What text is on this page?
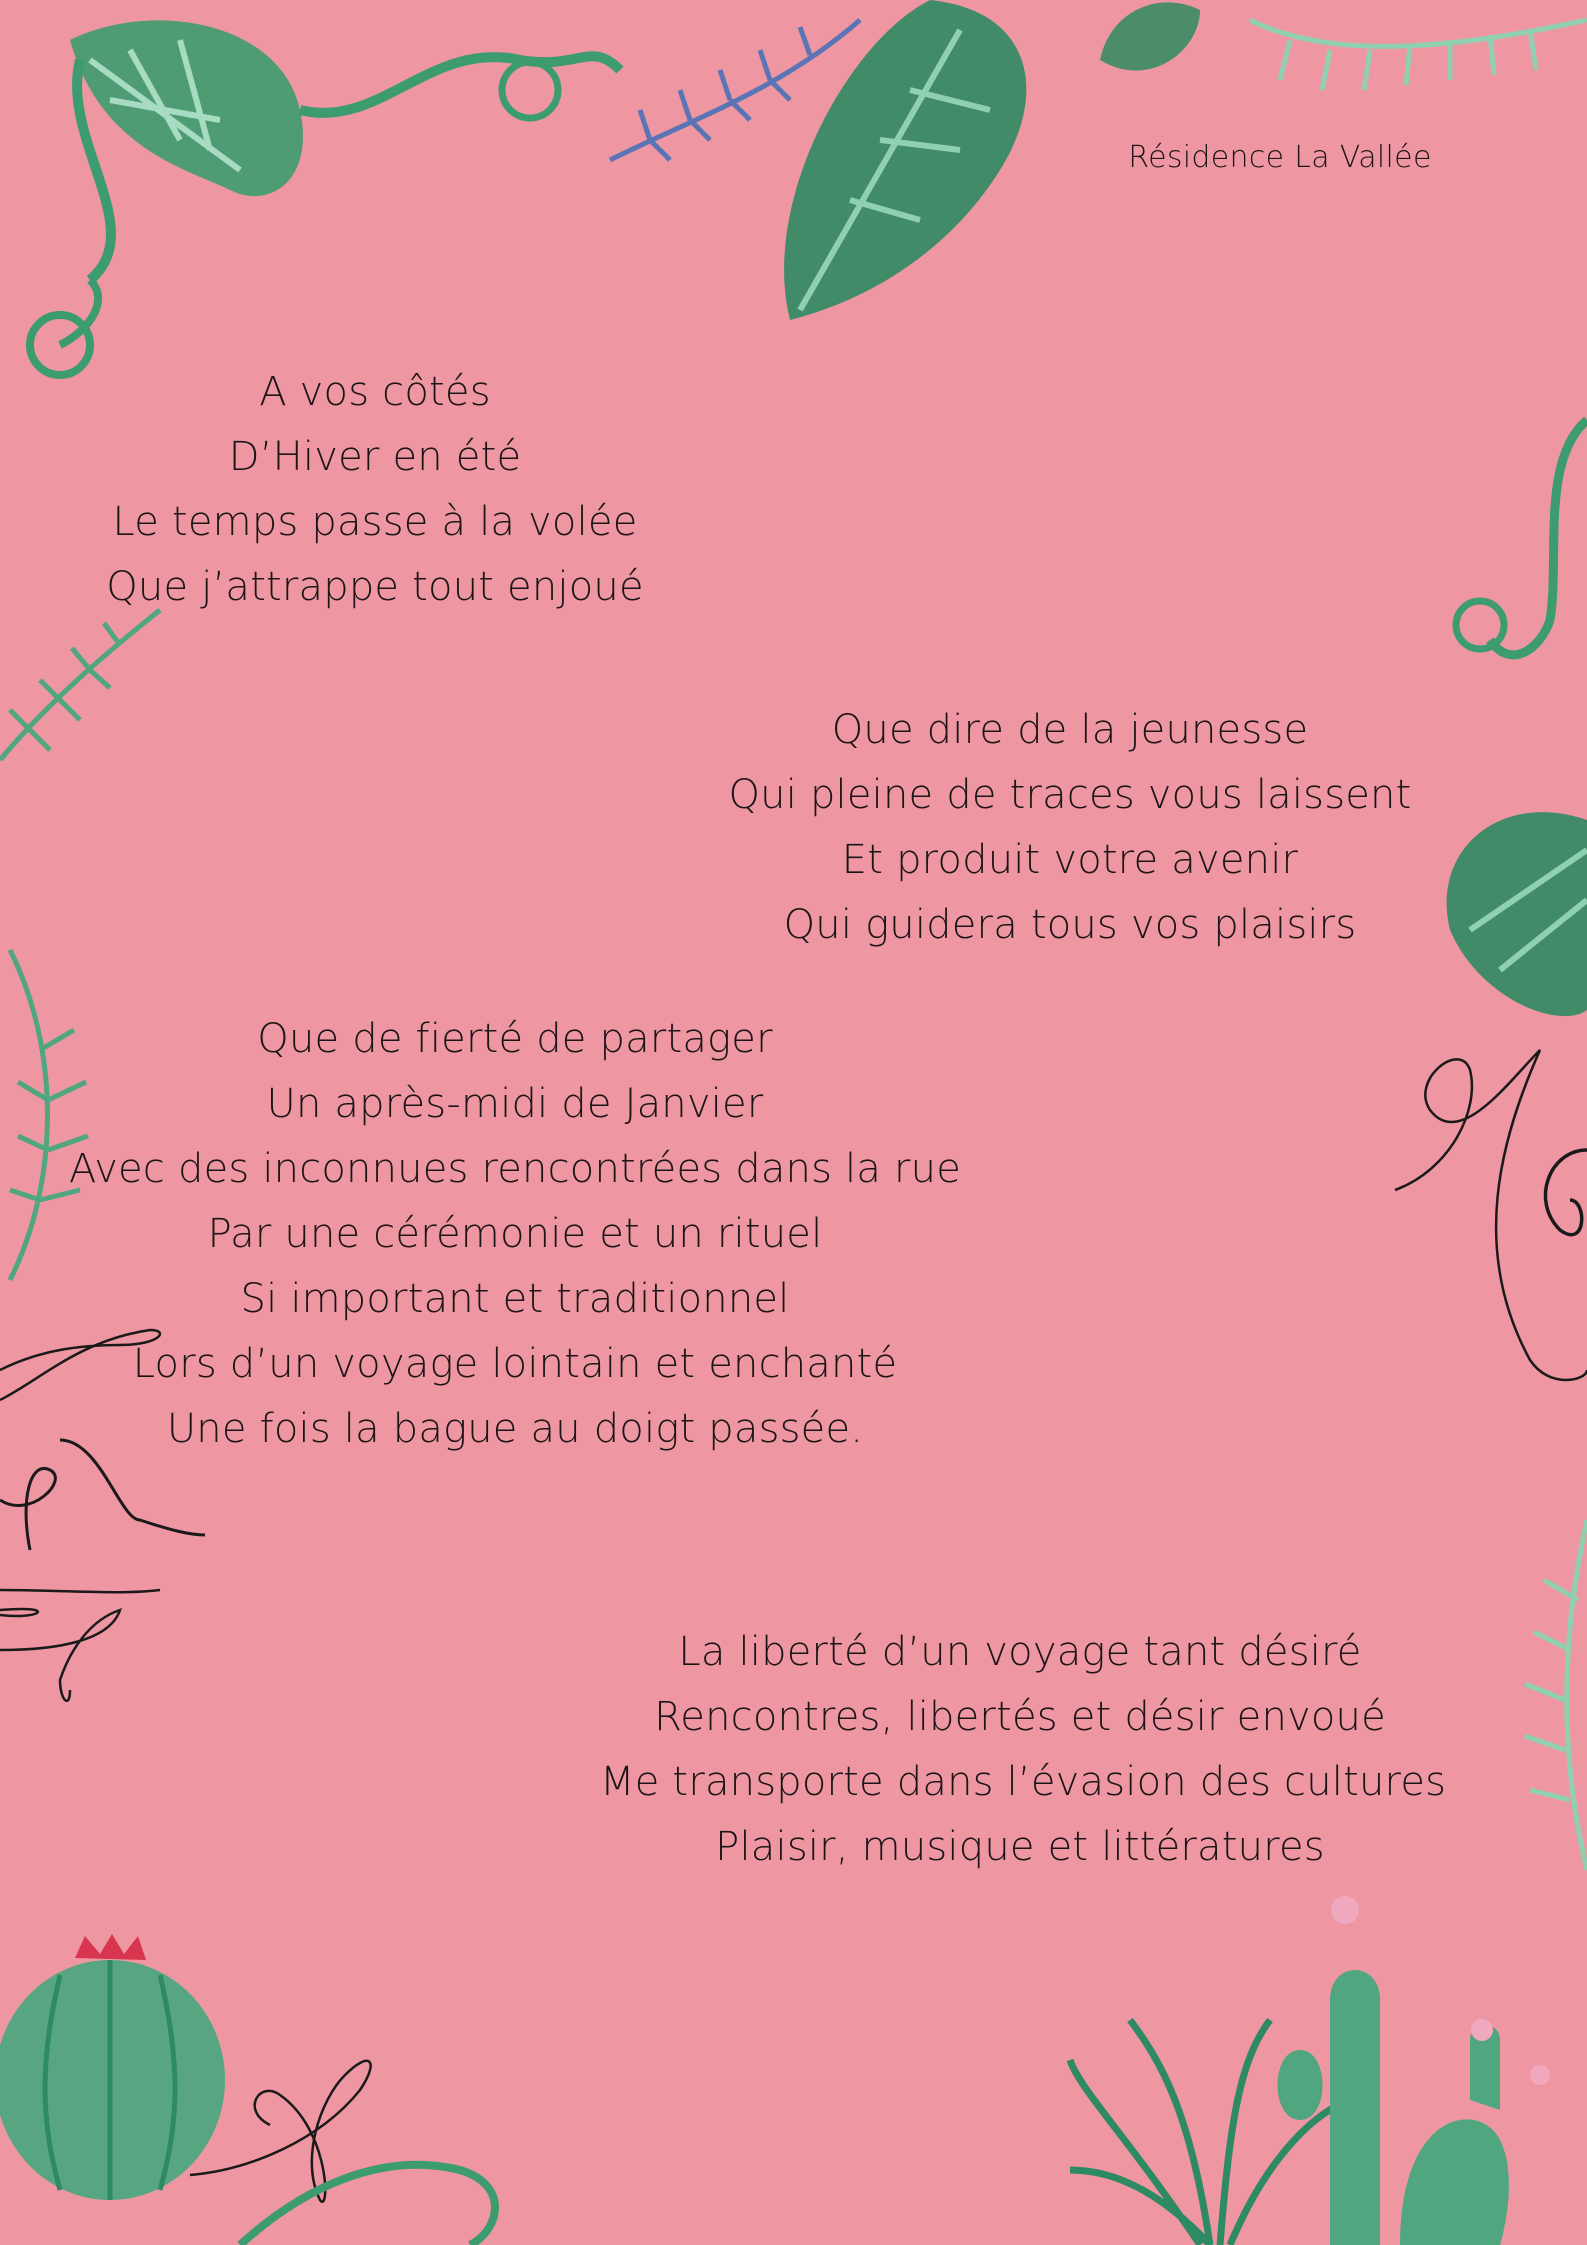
Résidence La Vallée
A vos côtés
D’Hiver en été
Le temps passe à la volée
Que j’attrappe tout enjoué
Que dire de la jeunesse
Qui pleine de traces vous laissent
Et produit votre avenir
Qui guidera tous vos plaisirs
Que de fierté de partager
Un après-midi de Janvier
Avec des inconnues rencontrées dans la rue
Par une cérémonie et un rituel
Si important et traditionnel
Lors d’un voyage lointain et enchanté
Une fois la bague au doigt passée.
La liberté d’un voyage tant désiré
Rencontres, libertés et désir envoué
Me transporte dans l’évasion des cultures
Plaisir, musique et littératures
